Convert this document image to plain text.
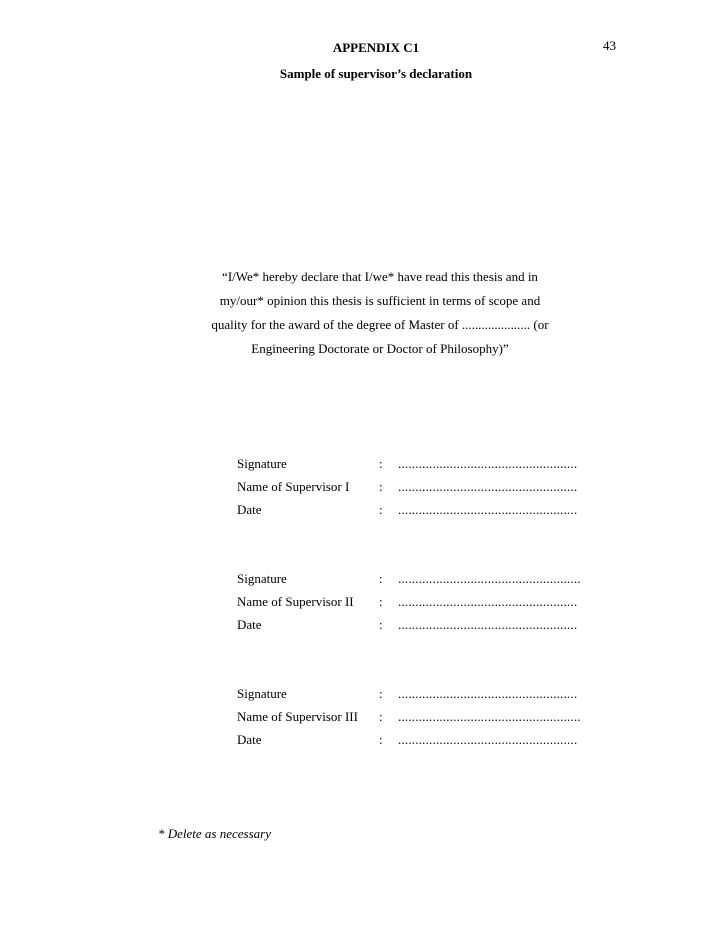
43
APPENDIX C1
Sample of supervisor’s declaration
“I/We* hereby declare that I/we* have read this thesis and in
my/our* opinion this thesis is sufficient in terms of scope and
quality for the award of the degree of Master of ..................... (or
Engineering Doctorate or Doctor of Philosophy)”
Signature	: ....................................................
Name of Supervisor I : ....................................................
Date	: ....................................................
Signature	: .....................................................
Name of Supervisor II : ....................................................
Date	: ....................................................
Signature	: ....................................................
Name of Supervisor III : .....................................................
Date	: ....................................................
* Delete as necessary
